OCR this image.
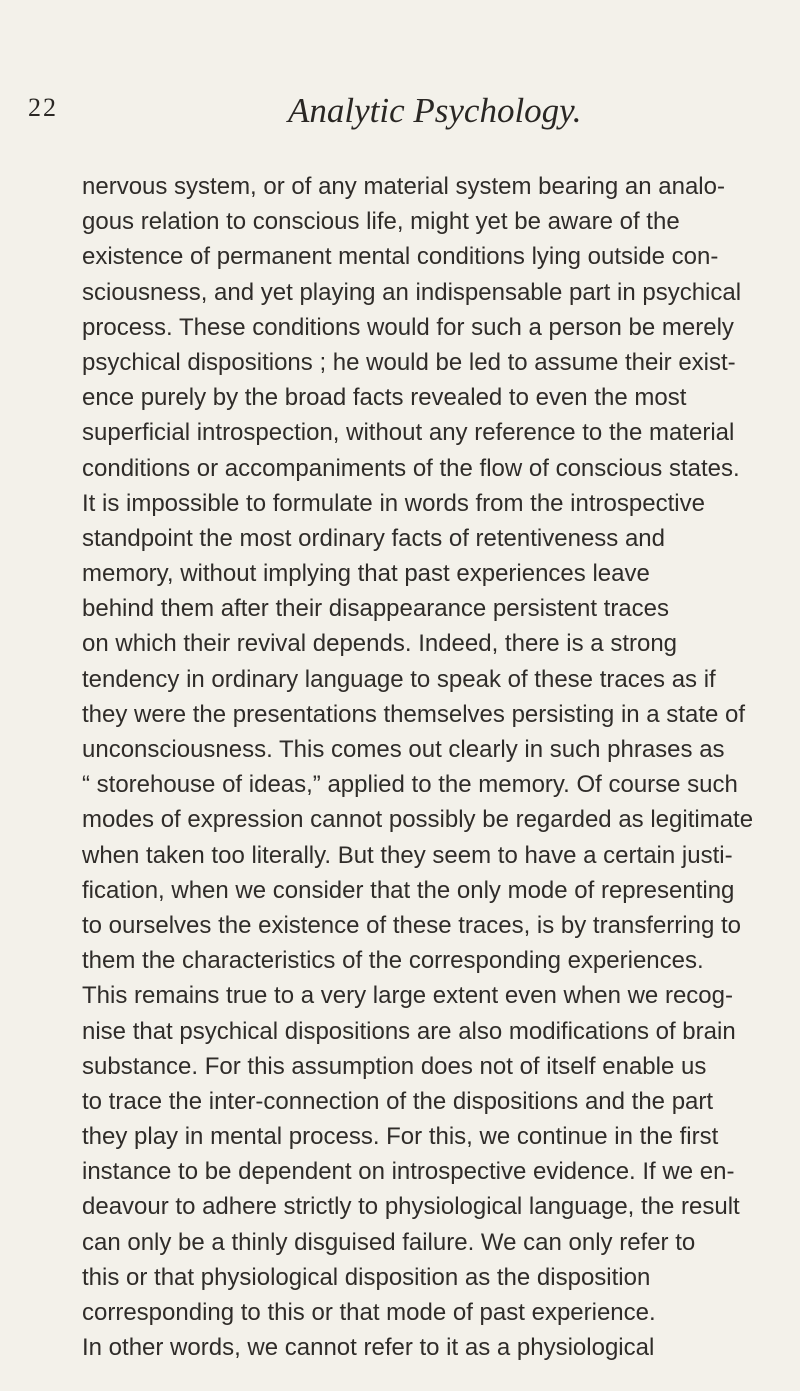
22	Analytic Psychology.
nervous system, or of any material system bearing an analo-
gous relation to conscious life, might yet be aware of the
existence of permanent mental conditions lying outside con-
sciousness, and yet playing an indispensable part in psychical
process. These conditions would for such a person be merely
psychical dispositions ; he would be led to assume their exist-
ence purely by the broad facts revealed to even the most
superficial introspection, without any reference to the material
conditions or accompaniments of the flow of conscious states.
It is impossible to formulate in words from the introspective
standpoint the most ordinary facts of retentiveness and
memory, without implying that past experiences leave
behind them after their disappearance persistent traces
on which their revival depends. Indeed, there is a strong
tendency in ordinary language to speak of these traces as if
they were the presentations themselves persisting in a state of
unconsciousness. This comes out clearly in such phrases as
“ storehouse of ideas,” applied to the memory. Of course such
modes of expression cannot possibly be regarded as legitimate
when taken too literally. But they seem to have a certain justi-
fication, when we consider that the only mode of representing
to ourselves the existence of these traces, is by transferring to
them the characteristics of the corresponding experiences.
This remains true to a very large extent even when we recog-
nise that psychical dispositions are also modifications of brain
substance. For this assumption does not of itself enable us
to trace the inter-connection of the dispositions and the part
they play in mental process. For this, we continue in the first
instance to be dependent on introspective evidence. If we en-
deavour to adhere strictly to physiological language, the result
can only be a thinly disguised failure. We can only refer to
this or that physiological disposition as the disposition
corresponding to this or that mode of past experience.
In other words, we cannot refer to it as a physiological
